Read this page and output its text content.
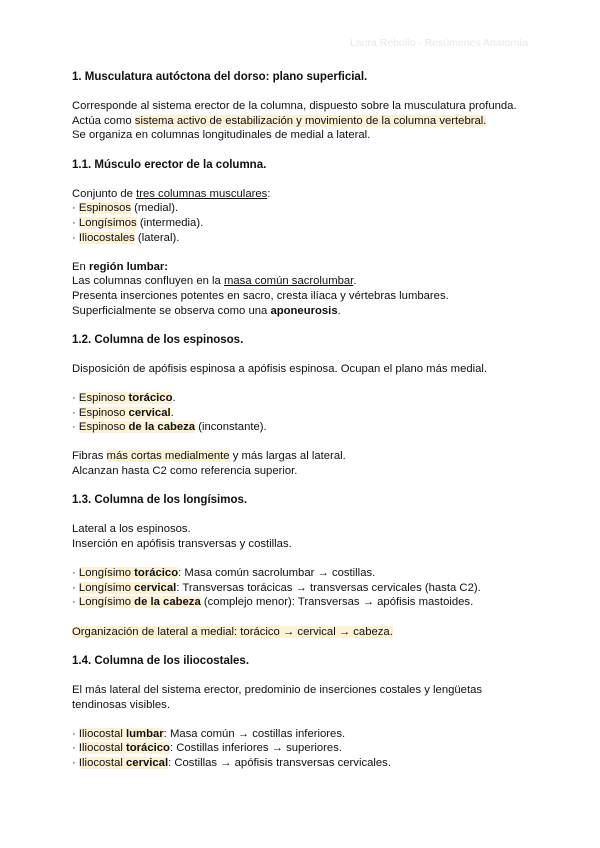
Laura Rebollo - Resúmenes Anatomía
1. Musculatura autóctona del dorso: plano superficial.
Corresponde al sistema erector de la columna, dispuesto sobre la musculatura profunda.
Actúa como sistema activo de estabilización y movimiento de la columna vertebral.
Se organiza en columnas longitudinales de medial a lateral.
1.1. Músculo erector de la columna.
Conjunto de tres columnas musculares:
· Espinosos (medial).
· Longísimos (intermedia).
· Iliocostales (lateral).
En región lumbar:
Las columnas confluyen en la masa común sacrolumbar.
Presenta inserciones potentes en sacro, cresta ilíaca y vértebras lumbares.
Superficialmente se observa como una aponeurosis.
1.2. Columna de los espinosos.
Disposición de apófisis espinosa a apófisis espinosa. Ocupan el plano más medial.
· Espinoso torácico.
· Espinoso cervical.
· Espinoso de la cabeza (inconstante).
Fibras más cortas medialmente y más largas al lateral.
Alcanzan hasta C2 como referencia superior.
1.3. Columna de los longísimos.
Lateral a los espinosos.
Inserción en apófisis transversas y costillas.
· Longísimo torácico: Masa común sacrolumbar → costillas.
· Longísimo cervical: Transversas torácicas → transversas cervicales (hasta C2).
· Longísimo de la cabeza (complejo menor): Transversas → apófisis mastoides.
Organización de lateral a medial: torácico → cervical → cabeza.
1.4. Columna de los iliocostales.
El más lateral del sistema erector, predominio de inserciones costales y lengüetas
tendinosas visibles.
· Iliocostal lumbar: Masa común → costillas inferiores.
· Iliocostal torácico: Costillas inferiores → superiores.
· Iliocostal cervical: Costillas → apófisis transversas cervicales.
